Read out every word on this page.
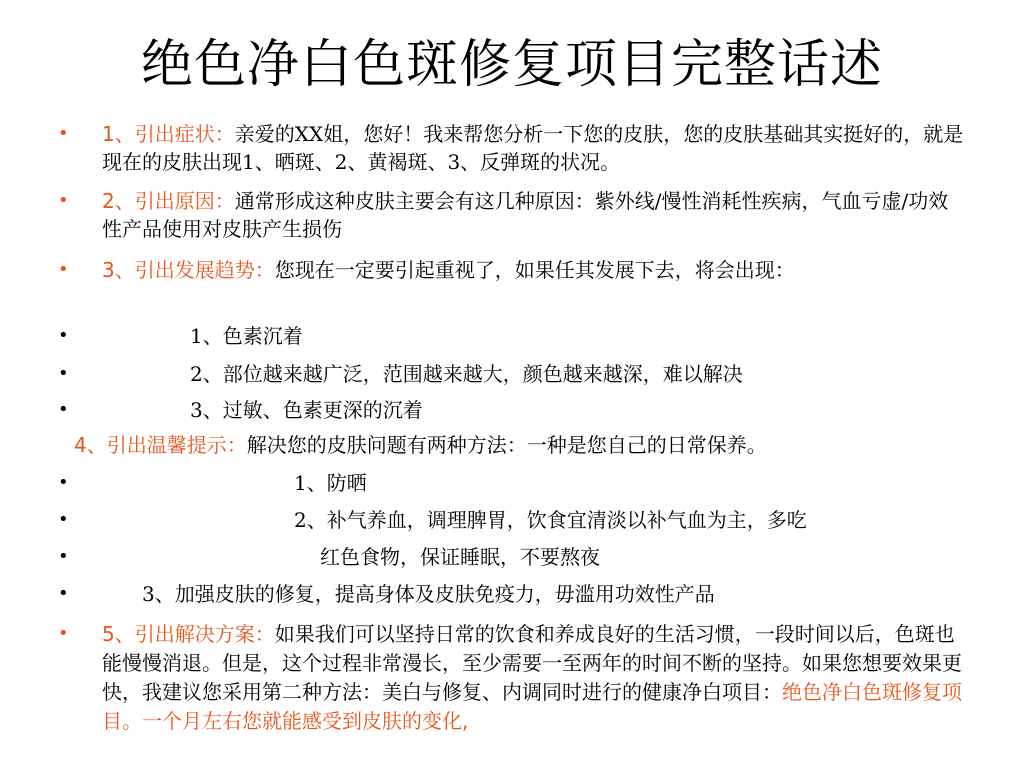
绝色净白色斑修复项目完整话述
• 1、引出症状：亲爱的XX姐，您好！我来帮您分析一下您的皮肤，您的皮肤基础其实挺好的，就是现在的皮肤出现1、晒斑、2、黄褐斑、3、反弹斑的状况。
• 2、引出原因：通常形成这种皮肤主要会有这几种原因：紫外线/慢性消耗性疾病，气血亏虚/功效性产品使用对皮肤产生损伤
• 3、引出发展趋势：您现在一定要引起重视了，如果任其发展下去，将会出现：
•	1、色素沉着
•	2、部位越来越广泛，范围越来越大，颜色越来越深，难以解决
•	3、过敏、色素更深的沉着
4、引出温馨提示：解决您的皮肤问题有两种方法：一种是您自己的日常保养。
•	1、防晒
•	2、补气养血，调理脾胃，饮食宜清淡以补气血为主，多吃
•	红色食物，保证睡眠，不要熬夜
•	3、加强皮肤的修复，提高身体及皮肤免疫力，毋滥用功效性产品
• 5、引出解决方案：如果我们可以坚持日常的饮食和养成良好的生活习惯，一段时间以后，色斑也能慢慢消退。但是，这个过程非常漫长，至少需要一至两年的时间不断的坚持。如果您想要效果更快，我建议您采用第二种方法：美白与修复、内调同时进行的健康净白项目：绝色净白色斑修复项目。一个月左右您就能感受到皮肤的变化,
